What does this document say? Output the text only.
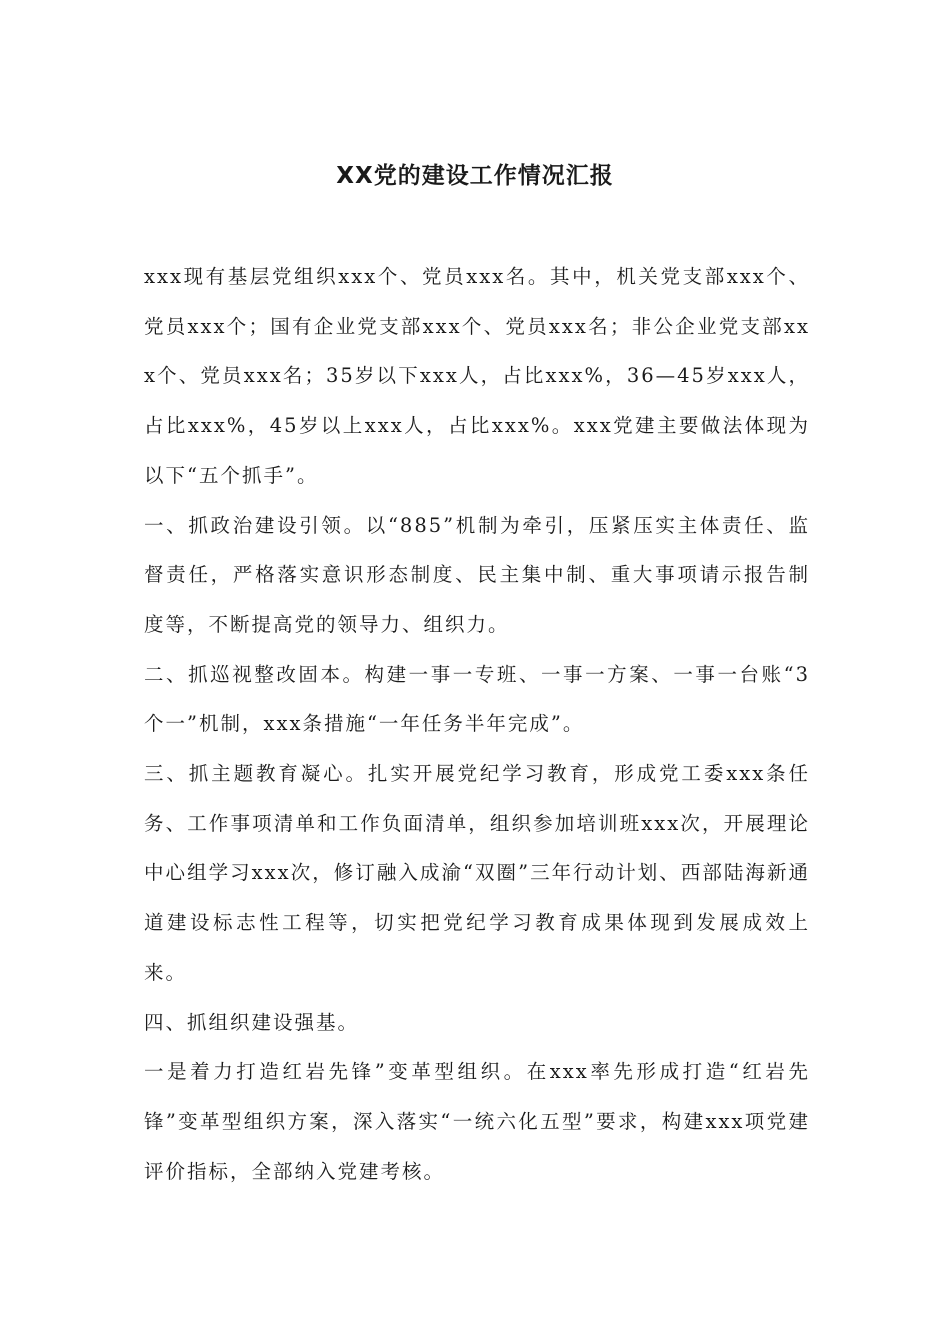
XX党的建设工作情况汇报

xxx现有基层党组织xxx个、党员xxx名。其中，机关党支部xxx个、党员xxx个；国有企业党支部xxx个、党员xxx名；非公企业党支部xxx个、党员xxx名；35岁以下xxx人，占比xxx%，36—45岁xxx人，占比xxx%，45岁以上xxx人，占比xxx%。xxx党建主要做法体现为以下“五个抓手”。

一、抓政治建设引领。以“885”机制为牵引，压紧压实主体责任、监督责任，严格落实意识形态制度、民主集中制、重大事项请示报告制度等，不断提高党的领导力、组织力。

二、抓巡视整改固本。构建一事一专班、一事一方案、一事一台账“3个一”机制，xxx条措施“一年任务半年完成”。

三、抓主题教育凝心。扎实开展党纪学习教育，形成党工委xxx条任务、工作事项清单和工作负面清单，组织参加培训班xxx次，开展理论中心组学习xxx次，修订融入成渝“双圈”三年行动计划、西部陆海新通道建设标志性工程等，切实把党纪学习教育成果体现到发展成效上来。

四、抓组织建设强基。

一是着力打造红岩先锋”变革型组织。在xxx率先形成打造“红岩先锋”变革型组织方案，深入落实“一统六化五型”要求，构建xxx项党建评价指标，全部纳入党建考核。
